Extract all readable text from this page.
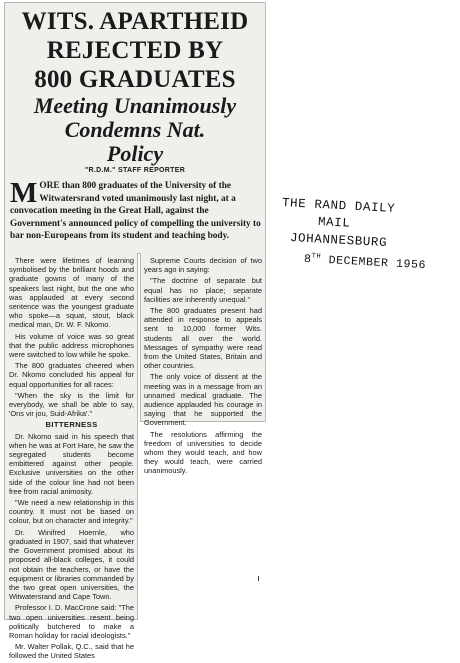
WITS. APARTHEID
REJECTED BY
800 GRADUATES
Meeting Unanimously
Condemns Nat.
Policy
"R.D.M." STAFF REPORTER
MORE than 800 graduates of the University of the Witwatersrand voted unanimously last night, at a convocation meeting in the Great Hall, against the Government's announced policy of compelling the university to bar non-Europeans from its student and teaching body.

There were lifetimes of learning symbolised by the brilliant hoods and graduate gowns of many of the speakers last night, but the one who was applauded at every second sentence was the youngest graduate who spoke—a squat, stout, black medical man, Dr. W. F. Nkomo.

His volume of voice was so great that the public address microphones were switched to low while he spoke.

The 800 graduates cheered when Dr. Nkomo concluded his appeal for equal opportunities for all races:

"When the sky is the limit for everybody, we shall be able to say, 'Ons vir jou, Suid-Afrika'."

BITTERNESS

Dr. Nkomo said in his speech that when he was at Fort Hare, he saw the segregated students become embittered against other people. Exclusive universities on the other side of the colour line had not been free from racial animosity.

"We need a new relationship in this country. It must not be based on colour, but on character and integrity."

Dr. Winifred Hoernle, who graduated in 1907, said that whatever the Government promised about its proposed all-black colleges, it could not obtain the teachers, or have the equipment or libraries commanded by the two great open universities, the Witwatersrand and Cape Town.

Professor I. D. MacCrone said: "The two open universities resent being politically butchered to make a Roman holiday for racial ideologists."

Mr. Walter Pollak, Q.C., said that he followed the United States

Supreme Courts decision of two years ago in saying:

"The doctrine of separate but equal has no place; separate facilities are inherently unequal."

The 800 graduates present had attended in response to appeals sent to 10,000 former Wits. students all over the world. Messages of sympathy were read from the United States, Britain and other countries.

The only voice of dissent at the meeting was in a message from an unnamed medical graduate. The audience applauded his courage in saying that he supported the Government.

The resolutions affirming the freedom of universities to decide whom they would teach, and how they would teach, were carried unanimously.

THE RAND DAILY
MAIL
JOHANNESBURG
8TH DECEMBER 1956
